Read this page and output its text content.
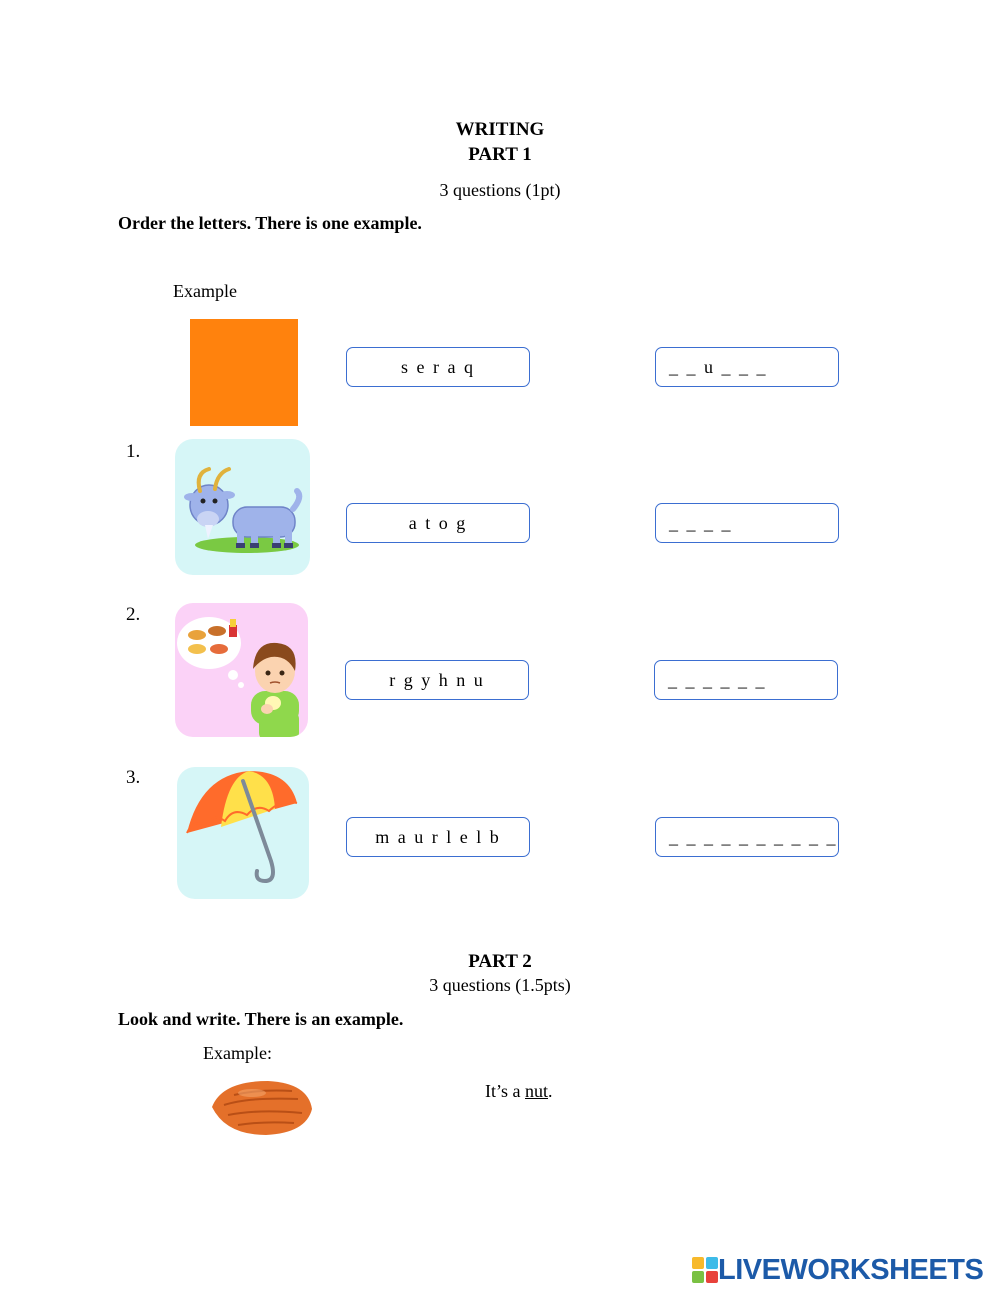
WRITING
PART 1
3 questions (1pt)
Order the letters. There is one example.
Example
s e r a q	_ _ u _ _ _
1.
a t o g	_ _ _ _
2.
r g y h n u	_ _ _ _ _ _
3.
m a u r l e l b	_ _ _ _ _ _ _ _ _ _
PART 2
3 questions (1.5pts)
Look and write. There is an example.
Example:
It’s a nut.
LIVEWORKSHEETS
